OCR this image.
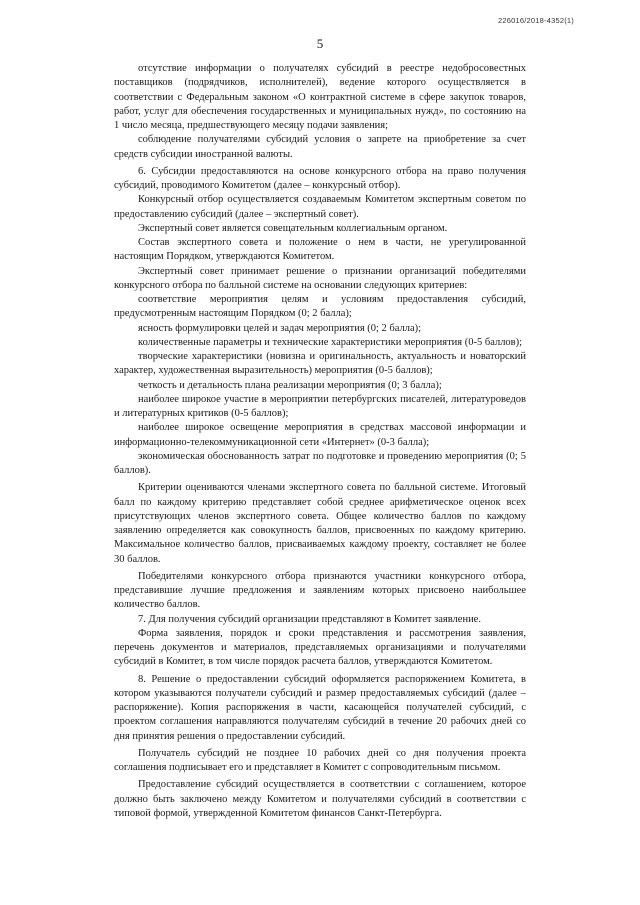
226016/2018-4352(1)
5

отсутствие информации о получателях субсидий в реестре недобросовестных поставщиков (подрядчиков, исполнителей), ведение которого осуществляется в соответствии с Федеральным законом «О контрактной системе в сфере закупок товаров, работ, услуг для обеспечения государственных и муниципальных нужд», по состоянию на 1 число месяца, предшествующего месяцу подачи заявления;

соблюдение получателями субсидий условия о запрете на приобретение за счет средств субсидии иностранной валюты.

6. Субсидии предоставляются на основе конкурсного отбора на право получения субсидий, проводимого Комитетом (далее – конкурсный отбор).

Конкурсный отбор осуществляется создаваемым Комитетом экспертным советом по предоставлению субсидий (далее – экспертный совет).

Экспертный совет является совещательным коллегиальным органом.

Состав экспертного совета и положение о нем в части, не урегулированной настоящим Порядком, утверждаются Комитетом.

Экспертный совет принимает решение о признании организаций победителями конкурсного отбора по балльной системе на основании следующих критериев:

соответствие мероприятия целям и условиям предоставления субсидий, предусмотренным настоящим Порядком (0; 2 балла);

ясность формулировки целей и задач мероприятия (0; 2 балла);

количественные параметры и технические характеристики мероприятия (0-5 баллов);

творческие характеристики (новизна и оригинальность, актуальность и новаторский характер, художественная выразительность) мероприятия (0-5 баллов);

четкость и детальность плана реализации мероприятия (0; 3 балла);

наиболее широкое участие в мероприятии петербургских писателей, литературоведов и литературных критиков (0-5 баллов);

наиболее широкое освещение мероприятия в средствах массовой информации и информационно-телекоммуникационной сети «Интернет» (0-3 балла);

экономическая обоснованность затрат по подготовке и проведению мероприятия (0; 5 баллов).

Критерии оцениваются членами экспертного совета по балльной системе. Итоговый балл по каждому критерию представляет собой среднее арифметическое оценок всех присутствующих членов экспертного совета. Общее количество баллов по каждому заявлению определяется как совокупность баллов, присвоенных по каждому критерию. Максимальное количество баллов, присваиваемых каждому проекту, составляет не более 30 баллов.

Победителями конкурсного отбора признаются участники конкурсного отбора, представившие лучшие предложения и заявлениям которых присвоено наибольшее количество баллов.

7. Для получения субсидий организации представляют в Комитет заявление.

Форма заявления, порядок и сроки представления и рассмотрения заявления, перечень документов и материалов, представляемых организациями и получателями субсидий в Комитет, в том числе порядок расчета баллов, утверждаются Комитетом.

8. Решение о предоставлении субсидий оформляется распоряжением Комитета, в котором указываются получатели субсидий и размер предоставляемых субсидий (далее – распоряжение). Копия распоряжения в части, касающейся получателей субсидий, с проектом соглашения направляются получателям субсидий в течение 20 рабочих дней со дня принятия решения о предоставлении субсидий.

Получатель субсидий не позднее 10 рабочих дней со дня получения проекта соглашения подписывает его и представляет в Комитет с сопроводительным письмом.

Предоставление субсидий осуществляется в соответствии с соглашением, которое должно быть заключено между Комитетом и получателями субсидий в соответствии с типовой формой, утвержденной Комитетом финансов Санкт-Петербурга.
